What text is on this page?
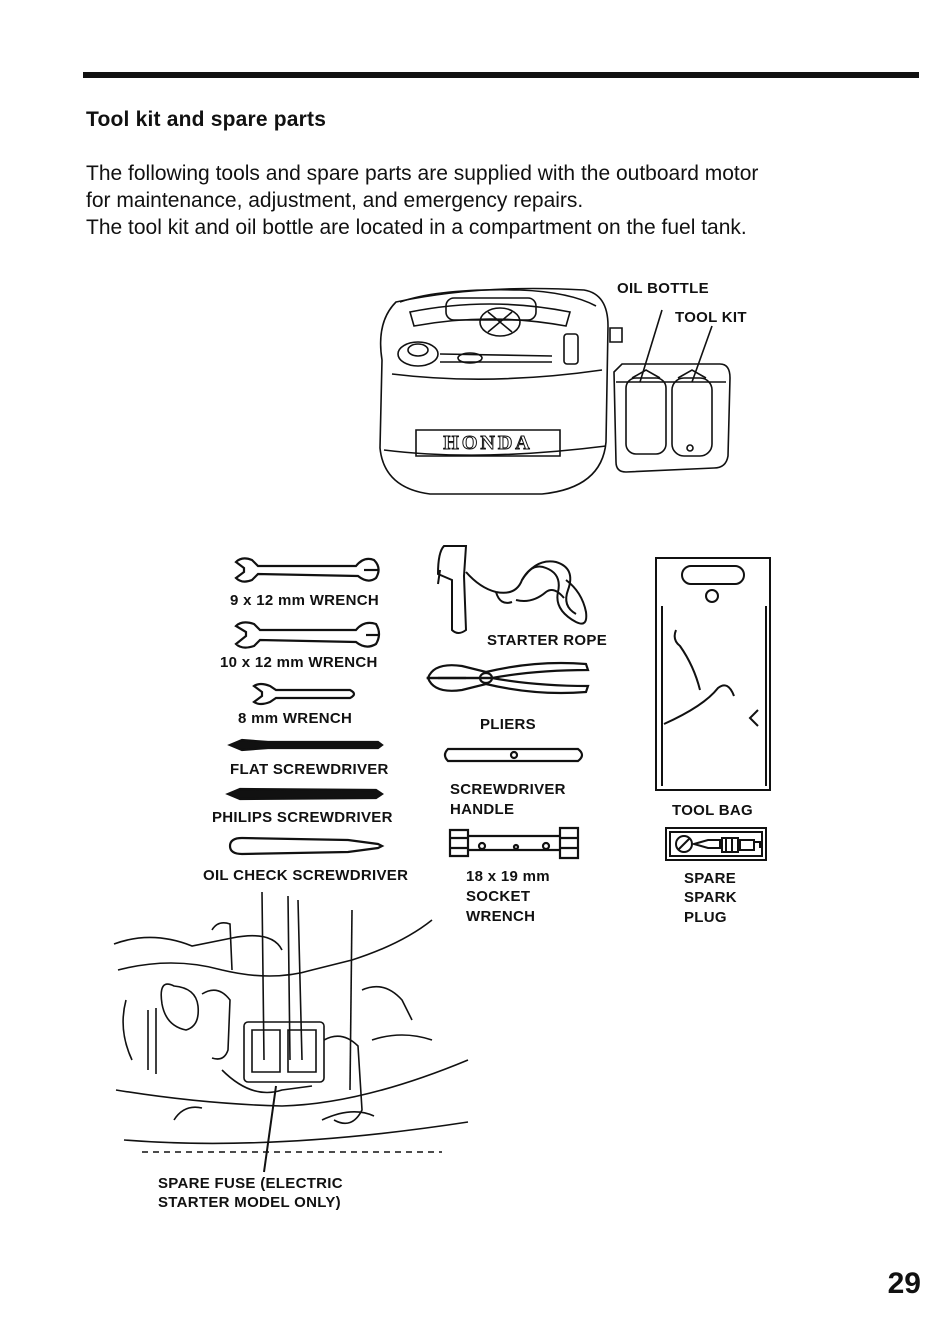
Tool kit and spare parts

The following tools and spare parts are supplied with the outboard motor

for maintenance, adjustment, and emergency repairs.

The tool kit and oil bottle are located in a compartment on the fuel tank.

HONDA
OIL BOTTLE
TOOL KIT
9 x 12 mm WRENCH
10 x 12 mm WRENCH
8 mm WRENCH
FLAT SCREWDRIVER
PHILIPS SCREWDRIVER
OIL CHECK SCREWDRIVER
STARTER ROPE
PLIERS
SCREWDRIVER
HANDLE
18 x 19 mm
SOCKET
WRENCH
TOOL BAG
SPARE
SPARK
PLUG
SPARE FUSE (ELECTRIC
STARTER MODEL ONLY)
29
